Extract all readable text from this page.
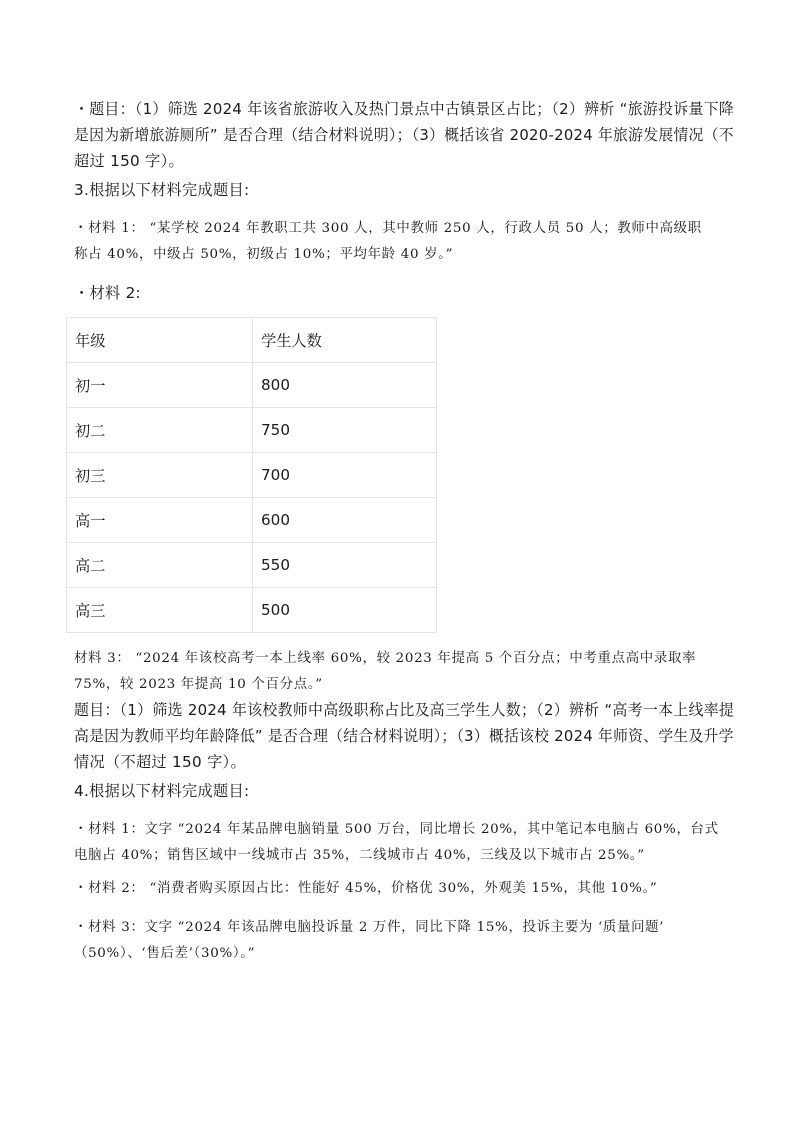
・题目：（1）筛选 2024 年该省旅游收入及热门景点中古镇景区占比；（2）辨析 “旅游投诉量下降
是因为新增旅游厕所” 是否合理（结合材料说明）；（3）概括该省 2020-2024 年旅游发展情况（不
超过 150 字）。
3.根据以下材料完成题目:
・材料 1： “某学校 2024 年教职工共 300 人，其中教师 250 人，行政人员 50 人；教师中高级职
称占 40%，中级占 50%，初级占 10%；平均年龄 40 岁。”
・材料 2:
年级	学生人数
初一	800
初二	750
初三	700
高一	600
高二	550
高三	500
材料 3： “2024 年该校高考一本上线率 60%，较 2023 年提高 5 个百分点；中考重点高中录取率
75%，较 2023 年提高 10 个百分点。”
题目：（1）筛选 2024 年该校教师中高级职称占比及高三学生人数；（2）辨析 “高考一本上线率提
高是因为教师平均年龄降低” 是否合理（结合材料说明）；（3）概括该校 2024 年师资、学生及升学
情况（不超过 150 字）。
4.根据以下材料完成题目:
・材料 1：文字 “2024 年某品牌电脑销量 500 万台，同比增长 20%，其中笔记本电脑占 60%，台式
电脑占 40%；销售区域中一线城市占 35%，二线城市占 40%，三线及以下城市占 25%。”
・材料 2： “消费者购买原因占比：性能好 45%，价格优 30%，外观美 15%，其他 10%。”
・材料 3：文字 “2024 年该品牌电脑投诉量 2 万件，同比下降 15%，投诉主要为 ‘质量问题’
（50%）、‘售后差’（30%）。”
